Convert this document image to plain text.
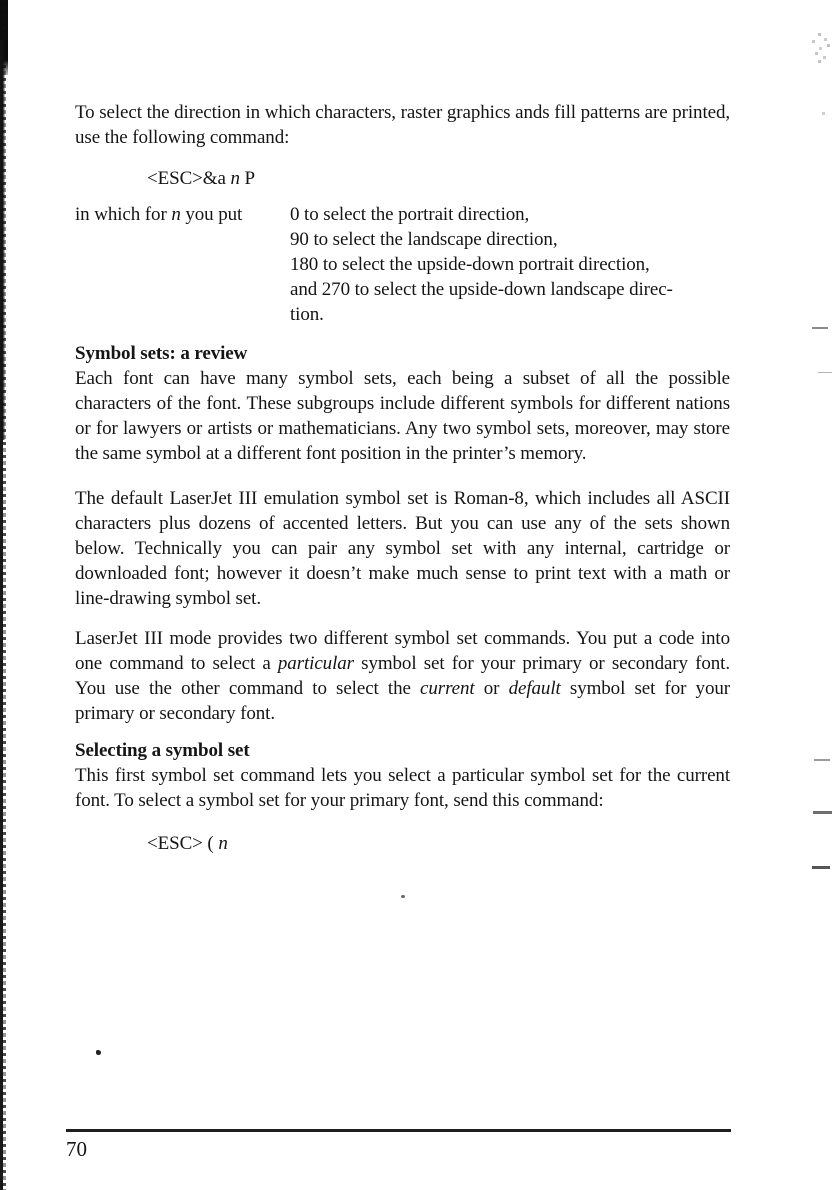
To select the direction in which characters, raster graphics ands fill patterns are printed, use the following command:

<ESC>&a n P

in which for n you put	0 to select the portrait direction,
90 to select the landscape direction,
180 to select the upside-down portrait direction,
and 270 to select the upside-down landscape direc-
tion.
Symbol sets: a review

Each font can have many symbol sets, each being a subset of all the possible characters of the font. These subgroups include different symbols for different nations or for lawyers or artists or mathematicians. Any two symbol sets, moreover, may store the same symbol at a different font position in the printer’s memory.

The default LaserJet III emulation symbol set is Roman-8, which includes all ASCII characters plus dozens of accented letters. But you can use any of the sets shown below. Technically you can pair any symbol set with any internal, cartridge or downloaded font; however it doesn’t make much sense to print text with a math or line-drawing symbol set.

LaserJet III mode provides two different symbol set commands. You put a code into one command to select a particular symbol set for your primary or secondary font. You use the other command to select the current or default symbol set for your primary or secondary font.

Selecting a symbol set

This first symbol set command lets you select a particular symbol set for the current font. To select a symbol set for your primary font, send this command:

<ESC> ( n

70
